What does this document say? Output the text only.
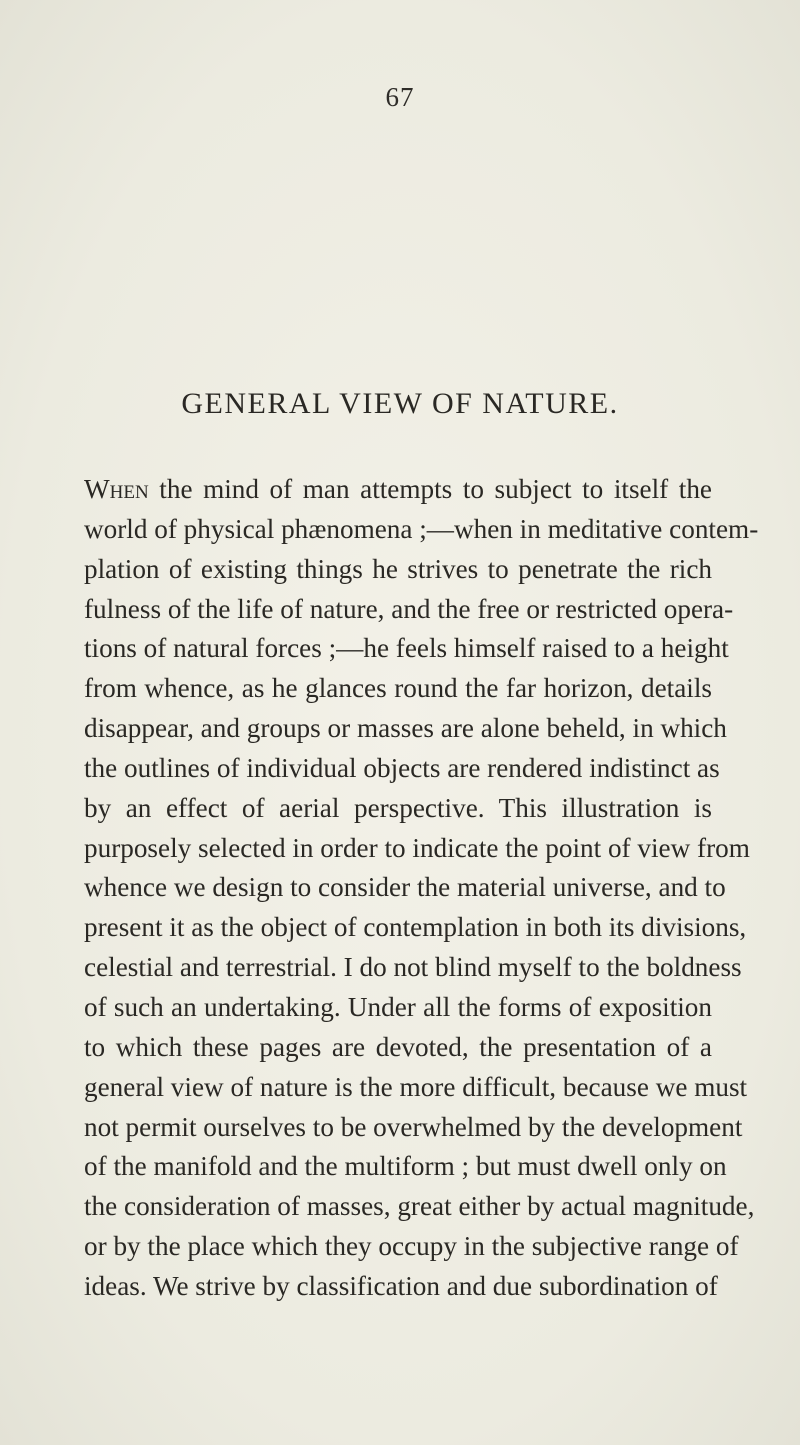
67
GENERAL VIEW OF NATURE.
When the mind of man attempts to subject to itself the
world of physical phænomena ;—when in meditative contem-
plation of existing things he strives to penetrate the rich
fulness of the life of nature, and the free or restricted opera-
tions of natural forces ;—he feels himself raised to a height
from whence, as he glances round the far horizon, details
disappear, and groups or masses are alone beheld, in which
the outlines of individual objects are rendered indistinct as
by an effect of aerial perspective. This illustration is
purposely selected in order to indicate the point of view from
whence we design to consider the material universe, and to
present it as the object of contemplation in both its divisions,
celestial and terrestrial. I do not blind myself to the boldness
of such an undertaking. Under all the forms of exposition
to which these pages are devoted, the presentation of a
general view of nature is the more difficult, because we must
not permit ourselves to be overwhelmed by the development
of the manifold and the multiform ; but must dwell only on
the consideration of masses, great either by actual magnitude,
or by the place which they occupy in the subjective range of
ideas. We strive by classification and due subordination of
